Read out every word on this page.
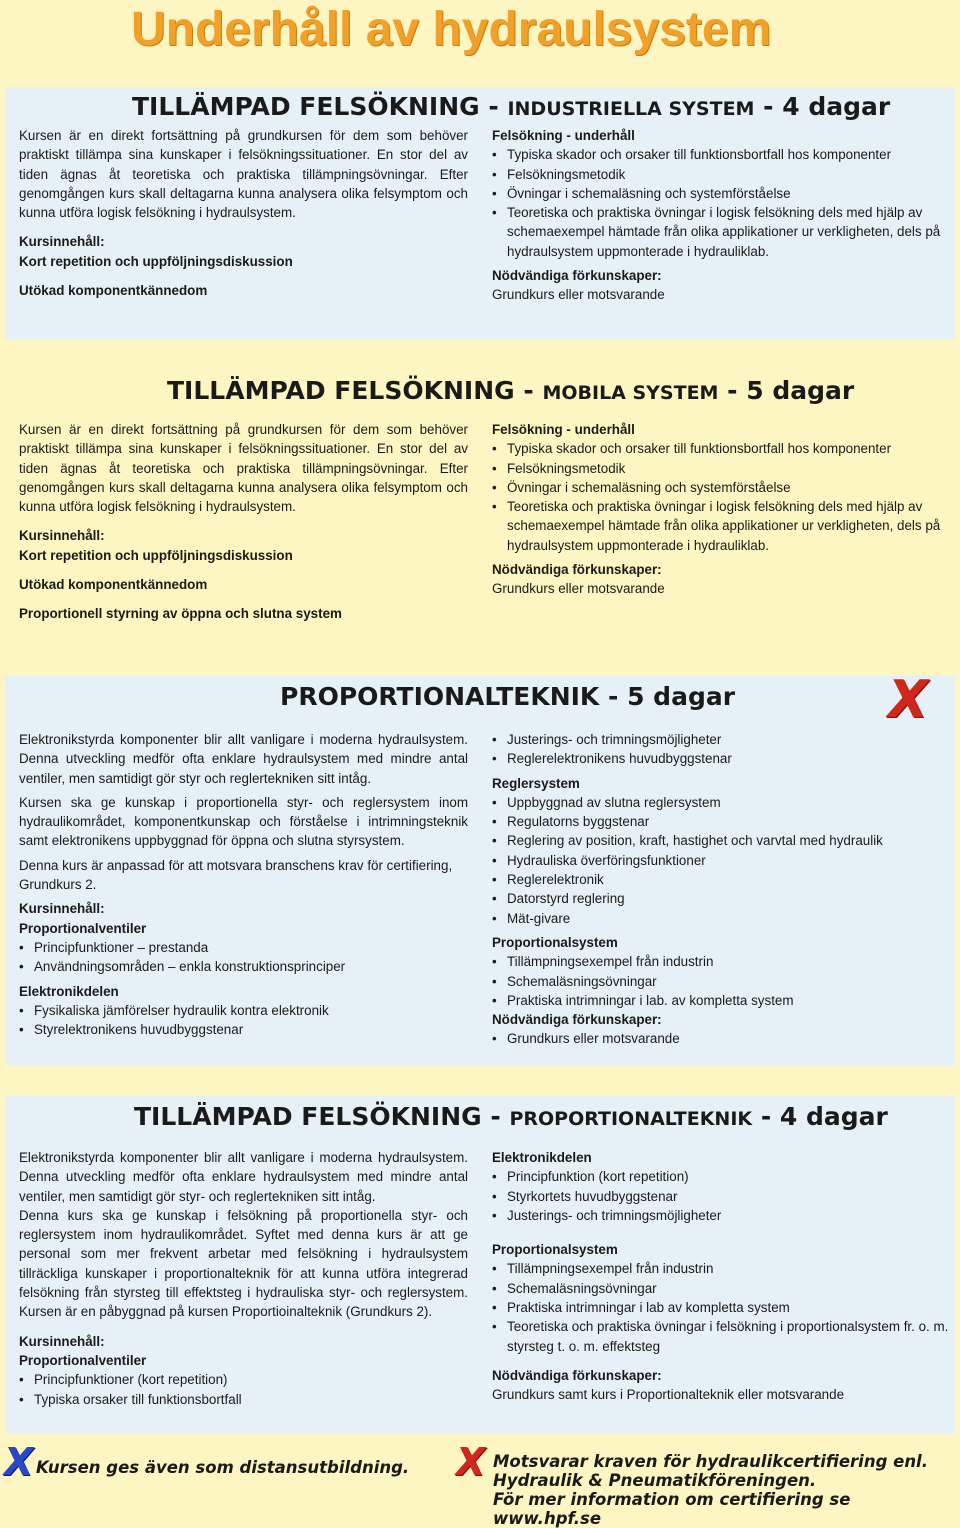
Underhåll av hydraulsystem
TILLÄMPAD FELSÖKNING - INDUSTRIELLA SYSTEM - 4 dagar

Kursen är en direkt fortsättning på grundkursen för dem som behöver praktiskt tillämpa sina kunskaper i felsökningssituationer. En stor del av tiden ägnas åt teoretiska och praktiska tillämpningsövningar. Efter genomgången kurs skall deltagarna kunna analysera olika felsymptom och kunna utföra logisk felsökning i hydraulsystem.

Kursinnehåll:

Kort repetition och uppföljningsdiskussion

Utökad komponentkännedom

Felsökning - underhåll

• Typiska skador och orsaker till funktionsbortfall hos komponenter
• Felsökningsmetodik
• Övningar i schemaläsning och systemförståelse
• Teoretiska och praktiska övningar i logisk felsökning dels med hjälp av schemaexempel hämtade från olika applikationer ur verkligheten, dels på hydraulsystem uppmonterade i hydrauliklab.

Nödvändiga förkunskaper:

Grundkurs eller motsvarande

TILLÄMPAD FELSÖKNING - MOBILA SYSTEM - 5 dagar

Kursen är en direkt fortsättning på grundkursen för dem som behöver praktiskt tillämpa sina kunskaper i felsökningssituationer. En stor del av tiden ägnas åt teoretiska och praktiska tillämpningsövningar. Efter genomgången kurs skall deltagarna kunna analysera olika felsymptom och kunna utföra logisk felsökning i hydraulsystem.

Kursinnehåll:

Kort repetition och uppföljningsdiskussion

Utökad komponentkännedom

Proportionell styrning av öppna och slutna system

Felsökning - underhåll

• Typiska skador och orsaker till funktionsbortfall hos komponenter
• Felsökningsmetodik
• Övningar i schemaläsning och systemförståelse
• Teoretiska och praktiska övningar i logisk felsökning dels med hjälp av schemaexempel hämtade från olika applikationer ur verkligheten, dels på hydraulsystem uppmonterade i hydrauliklab.

Nödvändiga förkunskaper:

Grundkurs eller motsvarande

PROPORTIONALTEKNIK - 5 dagar	X

Elektronikstyrda komponenter blir allt vanligare i moderna hydraulsystem. Denna utveckling medför ofta enklare hydraulsystem med mindre antal ventiler, men samtidigt gör styr och reglertekniken sitt intåg.

Kursen ska ge kunskap i proportionella styr- och reglersystem inom hydraulikområdet, komponentkunskap och förståelse i intrimningsteknik samt elektronikens uppbyggnad för öppna och slutna styrsystem.

Denna kurs är anpassad för att motsvara branschens krav för certifiering, Grundkurs 2.

Kursinnehåll:

Proportionalventiler

• Principfunktioner – prestanda
• Användningsområden – enkla konstruktionsprinciper

Elektronikdelen

• Fysikaliska jämförelser hydraulik kontra elektronik
• Styrelektronikens huvudbyggstenar
• Justerings- och trimningsmöjligheter
• Reglerelektronikens huvudbyggstenar

Reglersystem

• Uppbyggnad av slutna reglersystem
• Regulatorns byggstenar
• Reglering av position, kraft, hastighet och varvtal med hydraulik
• Hydrauliska överföringsfunktioner
• Reglerelektronik
• Datorstyrd reglering
• Mät-givare

Proportionalsystem

• Tillämpningsexempel från industrin
• Schemaläsningsövningar
• Praktiska intrimningar i lab. av kompletta system

Nödvändiga förkunskaper:

• Grundkurs eller motsvarande
TILLÄMPAD FELSÖKNING - PROPORTIONALTEKNIK - 4 dagar

Elektronikstyrda komponenter blir allt vanligare i moderna hydraulsystem. Denna utveckling medför ofta enklare hydraulsystem med mindre antal ventiler, men samtidigt gör styr- och reglertekniken sitt intåg.

Denna kurs ska ge kunskap i felsökning på proportionella styr- och reglersystem inom hydraulikområdet. Syftet med denna kurs är att ge personal som mer frekvent arbetar med felsökning i hydraulsystem tillräckliga kunskaper i proportionalteknik för att kunna utföra integrerad felsökning från styrsteg till effektsteg i hydrauliska styr- och reglersystem. Kursen är en påbyggnad på kursen Proportioinalteknik (Grundkurs 2).

Kursinnehåll:

Proportionalventiler

• Principfunktioner (kort repetition)
• Typiska orsaker till funktionsbortfall

Elektronikdelen

• Principfunktion (kort repetition)
• Styrkortets huvudbyggstenar
• Justerings- och trimningsmöjligheter

Proportionalsystem

• Tillämpningsexempel från industrin
• Schemaläsningsövningar
• Praktiska intrimningar i lab av kompletta system
• Teoretiska och praktiska övningar i felsökning i proportionalsystem fr. o. m. styrsteg t. o. m. effektsteg

Nödvändiga förkunskaper:

Grundkurs samt kurs i Proportionalteknik eller motsvarande

X Kursen ges även som distansutbildning. X Motsvarar kraven för hydraulikcertifiering enl.
Hydraulik & Pneumatikföreningen.
För mer information om certifiering se www.hpf.se
